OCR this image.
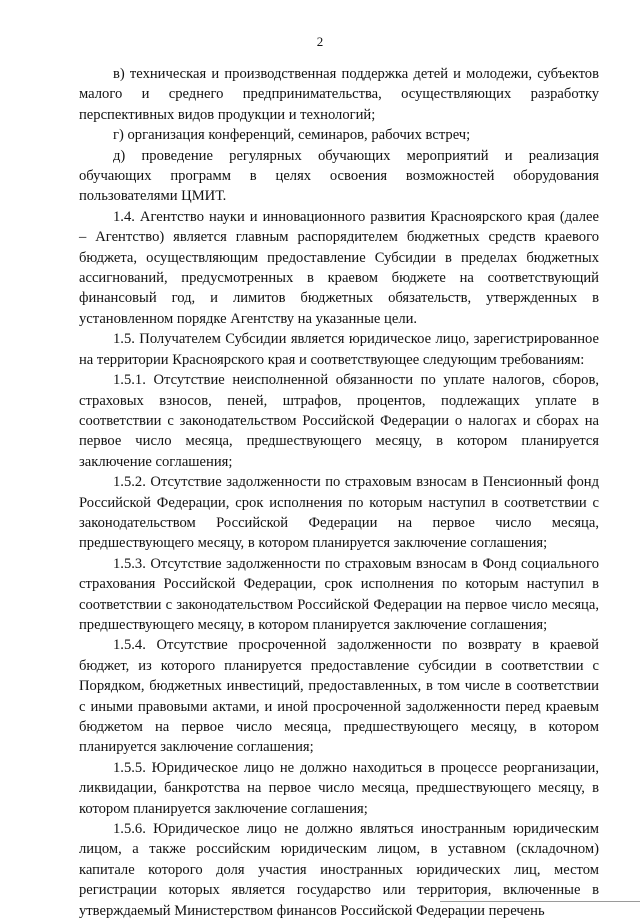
2

в) техническая и производственная поддержка детей и молодежи, субъектов малого и среднего предпринимательства, осуществляющих разработку перспективных видов продукции и технологий;

г) организация конференций, семинаров, рабочих встреч;

д) проведение регулярных обучающих мероприятий и реализация обучающих программ в целях освоения возможностей оборудования пользователями ЦМИТ.

1.4. Агентство науки и инновационного развития Красноярского края (далее – Агентство) является главным распорядителем бюджетных средств краевого бюджета, осуществляющим предоставление Субсидии в пределах бюджетных ассигнований, предусмотренных в краевом бюджете на соответствующий финансовый год, и лимитов бюджетных обязательств, утвержденных в установленном порядке Агентству на указанные цели.

1.5. Получателем Субсидии является юридическое лицо, зарегистрированное на территории Красноярского края и соответствующее следующим требованиям:

1.5.1. Отсутствие неисполненной обязанности по уплате налогов, сборов, страховых взносов, пеней, штрафов, процентов, подлежащих уплате в соответствии с законодательством Российской Федерации о налогах и сборах на первое число месяца, предшествующего месяцу, в котором планируется заключение соглашения;

1.5.2. Отсутствие задолженности по страховым взносам в Пенсионный фонд Российской Федерации, срок исполнения по которым наступил в соответствии с законодательством Российской Федерации на первое число месяца, предшествующего месяцу, в котором планируется заключение соглашения;

1.5.3. Отсутствие задолженности по страховым взносам в Фонд социального страхования Российской Федерации, срок исполнения по которым наступил в соответствии с законодательством Российской Федерации на первое число месяца, предшествующего месяцу, в котором планируется заключение соглашения;

1.5.4. Отсутствие просроченной задолженности по возврату в краевой бюджет, из которого планируется предоставление субсидии в соответствии с Порядком, бюджетных инвестиций, предоставленных, в том числе в соответствии с иными правовыми актами, и иной просроченной задолженности перед краевым бюджетом на первое число месяца, предшествующего месяцу, в котором планируется заключение соглашения;

1.5.5. Юридическое лицо не должно находиться в процессе реорганизации, ликвидации, банкротства на первое число месяца, предшествующего месяцу, в котором планируется заключение соглашения;

1.5.6. Юридическое лицо не должно являться иностранным юридическим лицом, а также российским юридическим лицом, в уставном (складочном) капитале которого доля участия иностранных юридических лиц, местом регистрации которых является государство или территория, включенные в утверждаемый Министерством финансов Российской Федерации перечень
